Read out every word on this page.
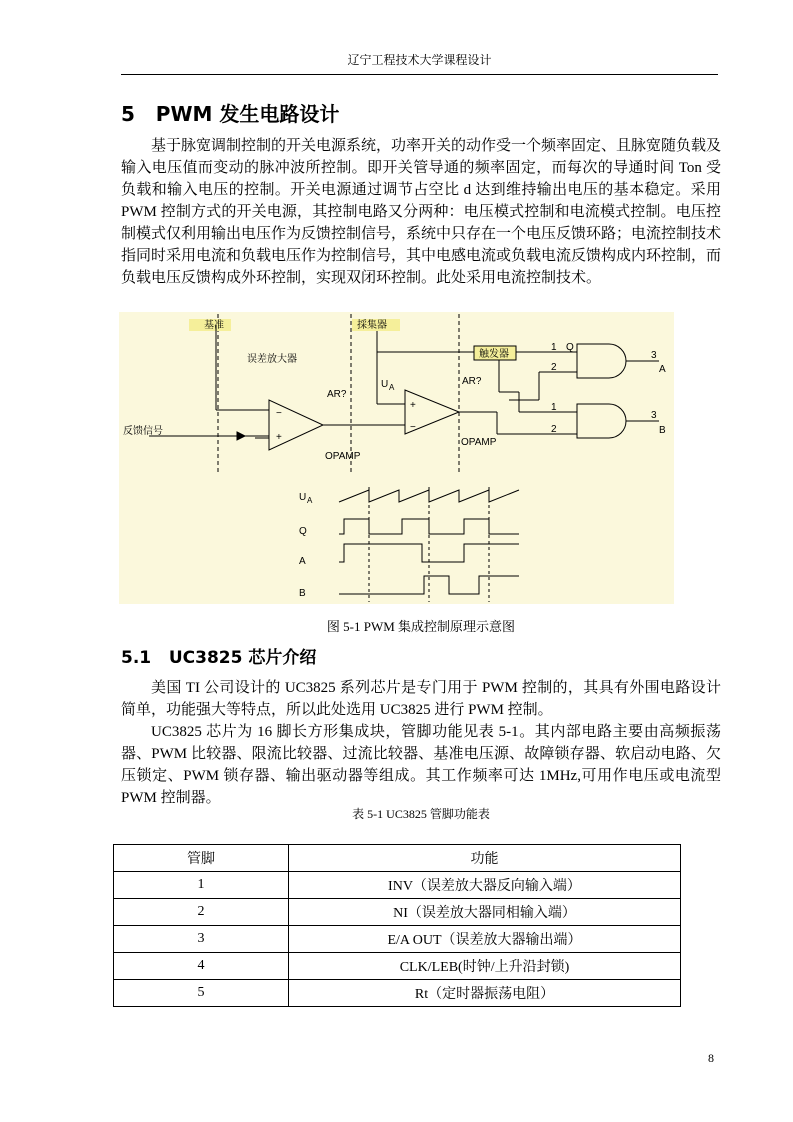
辽宁工程技术大学课程设计
5   PWM 发生电路设计

基于脉宽调制控制的开关电源系统，功率开关的动作受一个频率固定、且脉宽随负载及输入电压值而变动的脉冲波所控制。即开关管导通的频率固定，而每次的导通时间 Ton 受负载和输入电压的控制。开关电源通过调节占空比 d 达到维持输出电压的基本稳定。采用 PWM 控制方式的开关电源，其控制电路又分两种：电压模式控制和电流模式控制。电压控制模式仅利用输出电压作为反馈控制信号，系统中只存在一个电压反馈环路；电流控制技术指同时采用电流和负载电压作为控制信号，其中电感电流或负载电流反馈构成内环控制，而负载电压反馈构成外环控制，实现双闭环控制。此处采用电流控制技术。

基准	採集器
误差放大器
反馈信号
AR?
AR?
OPAMP
OPAMP
U A
触发器
Q
1
2
3
1
2
3
A
B
−
+
+
−
U A
Q
A
B
图 5-1 PWM 集成控制原理示意图
5.1   UC3825 芯片介绍

美国 TI 公司设计的 UC3825 系列芯片是专门用于 PWM 控制的，其具有外围电路设计简单，功能强大等特点，所以此处选用 UC3825 进行 PWM 控制。

UC3825 芯片为 16 脚长方形集成块，管脚功能见表 5-1。其内部电路主要由高频振荡器、PWM 比较器、限流比较器、过流比较器、基准电压源、故障锁存器、软启动电路、欠压锁定、PWM 锁存器、输出驱动器等组成。其工作频率可达 1MHz,可用作电压或电流型 PWM 控制器。

表 5-1 UC3825 管脚功能表
管脚	功能
1	INV（误差放大器反向输入端）
2	NI（误差放大器同相输入端）
3	E/A OUT（误差放大器输出端）
4	CLK/LEB(时钟/上升沿封锁)
5	Rt（定时器振荡电阻）
8
